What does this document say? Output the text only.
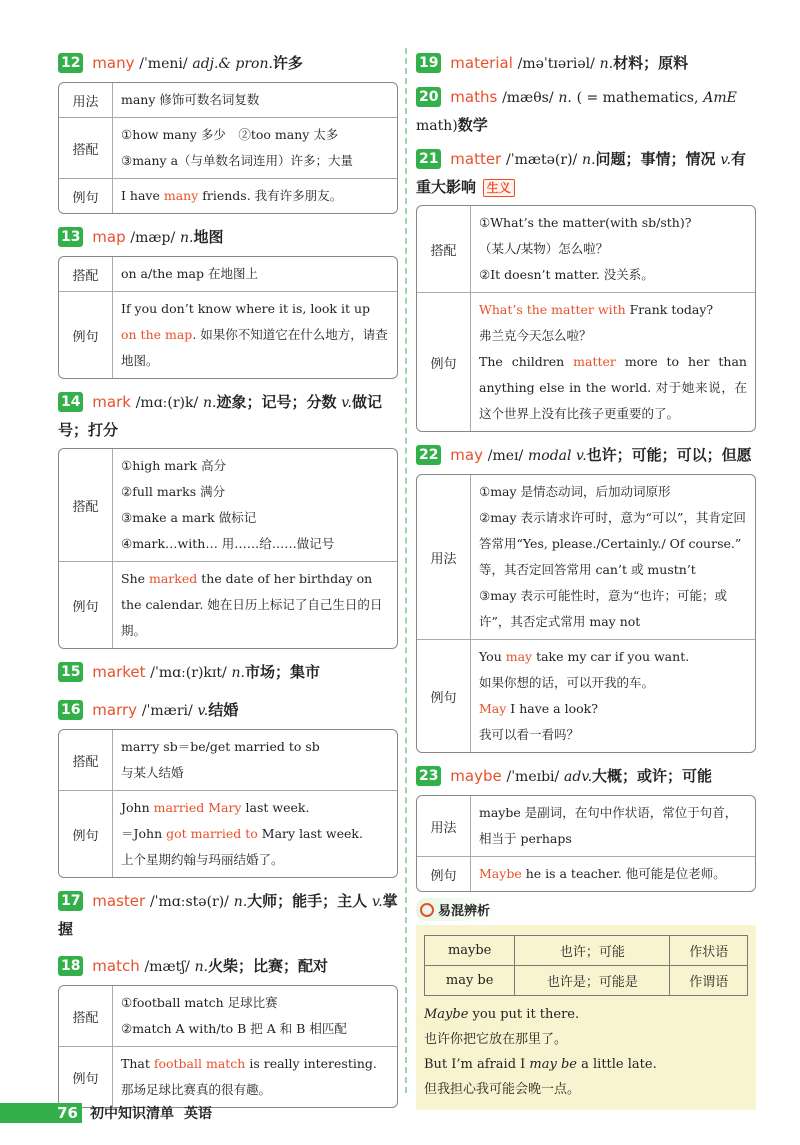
12 many /ˈmeni/ adj.& pron.许多
用法	many 修饰可数名词复数
搭配
①how many 多少　②too many 太多
③many a（与单数名词连用）许多；大量
例句	I have many friends. 我有许多朋友。
13 map /mæp/ n.地图
搭配	on a/the map 在地图上
例句
If you don’t know where it is, look it up on the map. 如果你不知道它在什么地方，请查地图。
14 mark /mɑː(r)k/ n.迹象；记号；分数 v.做记号；打分
搭配
①high mark 高分
②full marks 满分
③make a mark 做标记
④mark…with… 用……给……做记号
例句
She marked the date of her birthday on the calendar. 她在日历上标记了自己生日的日期。
15 market /ˈmɑː(r)kɪt/ n.市场；集市
16 marry /ˈmæri/ v.结婚
搭配
marry sb＝be/get married to sb
与某人结婚
例句
John married Mary last week.
＝John got married to Mary last week.
上个星期约翰与玛丽结婚了。
17 master /ˈmɑːstə(r)/ n.大师；能手；主人 v.掌握
18 match /mætʃ/ n.火柴；比赛；配对
搭配
①football match 足球比赛
②match A with/to B 把 A 和 B 相匹配
例句
That football match is really interesting.
那场足球比赛真的很有趣。
19 material /məˈtɪəriəl/ n.材料；原料
20 maths /mæθs/ n. ( = mathematics, AmE math)数学
21 matter /ˈmætə(r)/ n.问题；事情；情况 v.有重大影响 生义
搭配
①What’s the matter(with sb/sth)?
（某人/某物）怎么啦？
②It doesn’t matter. 没关系。
例句
What’s the matter with Frank today?
弗兰克今天怎么啦？
The children matter more to her than anything else in the world. 对于她来说，在这个世界上没有比孩子更重要的了。
22 may /meɪ/ modal v.也许；可能；可以；但愿
用法
①may 是情态动词，后加动词原形
②may 表示请求许可时，意为“可以”，其肯定回答常用“Yes, please./Certainly./ Of course.” 等，其否定回答常用 can’t 或 mustn’t
③may 表示可能性时，意为“也许；可能；或许”，其否定式常用 may not
例句
You may take my car if you want.
如果你想的话，可以开我的车。
May I have a look?
我可以看一看吗？
23 maybe /ˈmeɪbi/ adv.大概；或许；可能
用法
maybe 是副词，在句中作状语，常位于句首，相当于 perhaps
例句	Maybe he is a teacher. 他可能是位老师。
易混辨析
maybe	也许；可能	作状语
may be	也许是；可能是	作谓语
Maybe you put it there.
也许你把它放在那里了。
But I’m afraid I may be a little late.
但我担心我可能会晚一点。
76 初中知识清单 英语
